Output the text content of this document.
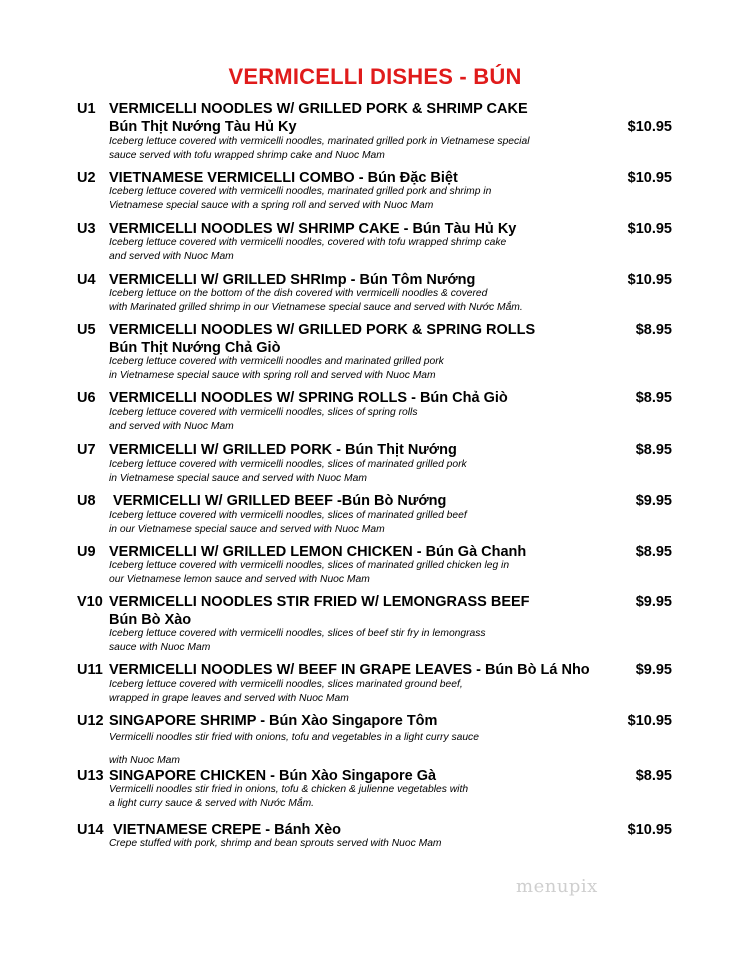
VERMICELLI DISHES - BÚN
U1 VERMICELLI NOODLES W/ GRILLED PORK & SHRIMP CAKE
Bún Thịt Nướng Tàu Hủ Ky	$10.95
Iceberg lettuce covered with vermicelli noodles, marinated grilled pork in Vietnamese special
sauce served with tofu wrapped shrimp cake and Nuoc Mam
U2 VIETNAMESE VERMICELLI COMBO - Bún Đặc Biệt	$10.95
Iceberg lettuce covered with vermicelli noodles, marinated grilled pork and shrimp in
Vietnamese special sauce with a spring roll and served with Nuoc Mam
U3 VERMICELLI NOODLES W/ SHRIMP CAKE - Bún Tàu Hủ Ky	$10.95
Iceberg lettuce covered with vermicelli noodles, covered with tofu wrapped shrimp cake
and served with Nuoc Mam
U4 VERMICELLI W/ GRILLED SHRImp - Bún Tôm Nướng	$10.95
Iceberg lettuce on the bottom of the dish covered with vermicelli noodles & covered
with Marinated grilled shrimp in our Vietnamese special sauce and served with Nước Mắm.
U5 VERMICELLI NOODLES W/ GRILLED PORK & SPRING ROLLS	$8.95
Bún Thịt Nướng Chả Giò
Iceberg lettuce covered with vermicelli noodles and marinated grilled pork
in Vietnamese special sauce with spring roll and served with Nuoc Mam
U6 VERMICELLI NOODLES W/ SPRING ROLLS - Bún Chả Giò	$8.95
Iceberg lettuce covered with vermicelli noodles, slices of spring rolls
and served with Nuoc Mam
U7 VERMICELLI W/ GRILLED PORK - Bún Thịt Nướng	$8.95
Iceberg lettuce covered with vermicelli noodles, slices of marinated grilled pork
in Vietnamese special sauce and served with Nuoc Mam
U8 VERMICELLI W/ GRILLED BEEF -Bún Bò Nướng	$9.95
Iceberg lettuce covered with vermicelli noodles, slices of marinated grilled beef
in our Vietnamese special sauce and served with Nuoc Mam
U9 VERMICELLI W/ GRILLED LEMON CHICKEN - Bún Gà Chanh	$8.95
Iceberg lettuce covered with vermicelli noodles, slices of marinated grilled chicken leg in
our Vietnamese lemon sauce and served with Nuoc Mam
V10 VERMICELLI NOODLES STIR FRIED W/ LEMONGRASS BEEF	$9.95
Bún Bò Xào
Iceberg lettuce covered with vermicelli noodles, slices of beef stir fry in lemongrass
sauce with Nuoc Mam
U11 VERMICELLI NOODLES W/ BEEF IN GRAPE LEAVES - Bún Bò Lá Nho	$9.95
Iceberg lettuce covered with vermicelli noodles, slices marinated ground beef,
wrapped in grape leaves and served with Nuoc Mam
U12 SINGAPORE SHRIMP - Bún Xào Singapore Tôm	$10.95
Vermicelli noodles stir fried with onions, tofu and vegetables in a light curry sauce
with Nuoc Mam
U13 SINGAPORE CHICKEN - Bún Xào Singapore Gà	$8.95
Vermicelli noodles stir fried in onions, tofu & chicken & julienne vegetables with
a light curry sauce & served with Nước Mắm.
U14 VIETNAMESE CREPE - Bánh Xèo	$10.95
Crepe stuffed with pork, shrimp and bean sprouts served with Nuoc Mam
menupix
